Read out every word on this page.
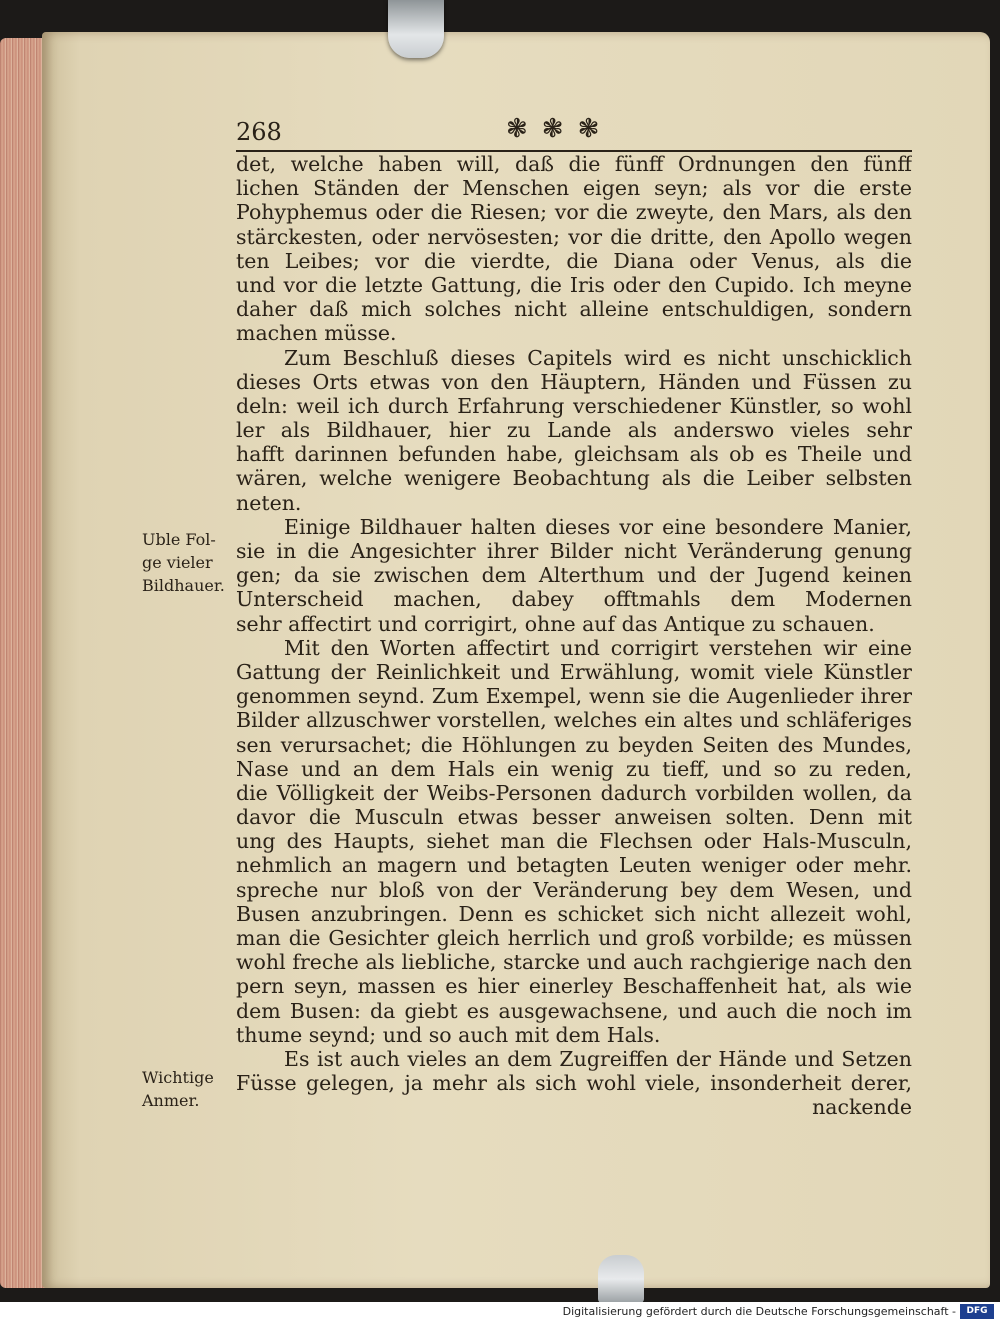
268	❃❃❃
det, welche haben will, daß die fünff Ordnungen den fünff
lichen Ständen der Menschen eigen seyn; als vor die erste
Pohyphemus oder die Riesen; vor die zweyte, den Mars, als den
stärckesten, oder nervösesten; vor die dritte, den Apollo wegen
ten Leibes; vor die vierdte, die Diana oder Venus, als die
und vor die letzte Gattung, die Iris oder den Cupido. Ich meyne
daher daß mich solches nicht alleine entschuldigen, sondern
machen müsse.
Zum Beschluß dieses Capitels wird es nicht unschicklich
dieses Orts etwas von den Häuptern, Händen und Füssen zu
deln: weil ich durch Erfahrung verschiedener Künstler, so wohl
ler als Bildhauer, hier zu Lande als anderswo vieles sehr
hafft darinnen befunden habe, gleichsam als ob es Theile und
wären, welche wenigere Beobachtung als die Leiber selbsten
neten.
Einige Bildhauer halten dieses vor eine besondere Manier,
sie in die Angesichter ihrer Bilder nicht Veränderung genung
gen; da sie zwischen dem Alterthum und der Jugend keinen
Unterscheid machen, dabey offtmahls dem Modernen
sehr affectirt und corrigirt, ohne auf das Antique zu schauen.
Mit den Worten affectirt und corrigirt verstehen wir eine
Gattung der Reinlichkeit und Erwählung, womit viele Künstler
genommen seynd. Zum Exempel, wenn sie die Augenlieder ihrer
Bilder allzuschwer vorstellen, welches ein altes und schläferiges
sen verursachet; die Höhlungen zu beyden Seiten des Mundes,
Nase und an dem Hals ein wenig zu tieff, und so zu reden,
die Völligkeit der Weibs-Personen dadurch vorbilden wollen, da
davor die Musculn etwas besser anweisen solten. Denn mit
ung des Haupts, siehet man die Flechsen oder Hals-Musculn,
nehmlich an magern und betagten Leuten weniger oder mehr.
spreche nur bloß von der Veränderung bey dem Wesen, und
Busen anzubringen. Denn es schicket sich nicht allezeit wohl,
man die Gesichter gleich herrlich und groß vorbilde; es müssen
wohl freche als liebliche, starcke und auch rachgierige nach den
pern seyn, massen es hier einerley Beschaffenheit hat, als wie
dem Busen: da giebt es ausgewachsene, und auch die noch im
thume seynd; und so auch mit dem Hals.
Es ist auch vieles an dem Zugreiffen der Hände und Setzen
Füsse gelegen, ja mehr als sich wohl viele, insonderheit derer,
nackende
Uble Fol-
ge vieler
Bildhauer.
Wichtige
Anmer.
Digitalisierung gefördert durch die Deutsche Forschungsgemeinschaft -	DFG
